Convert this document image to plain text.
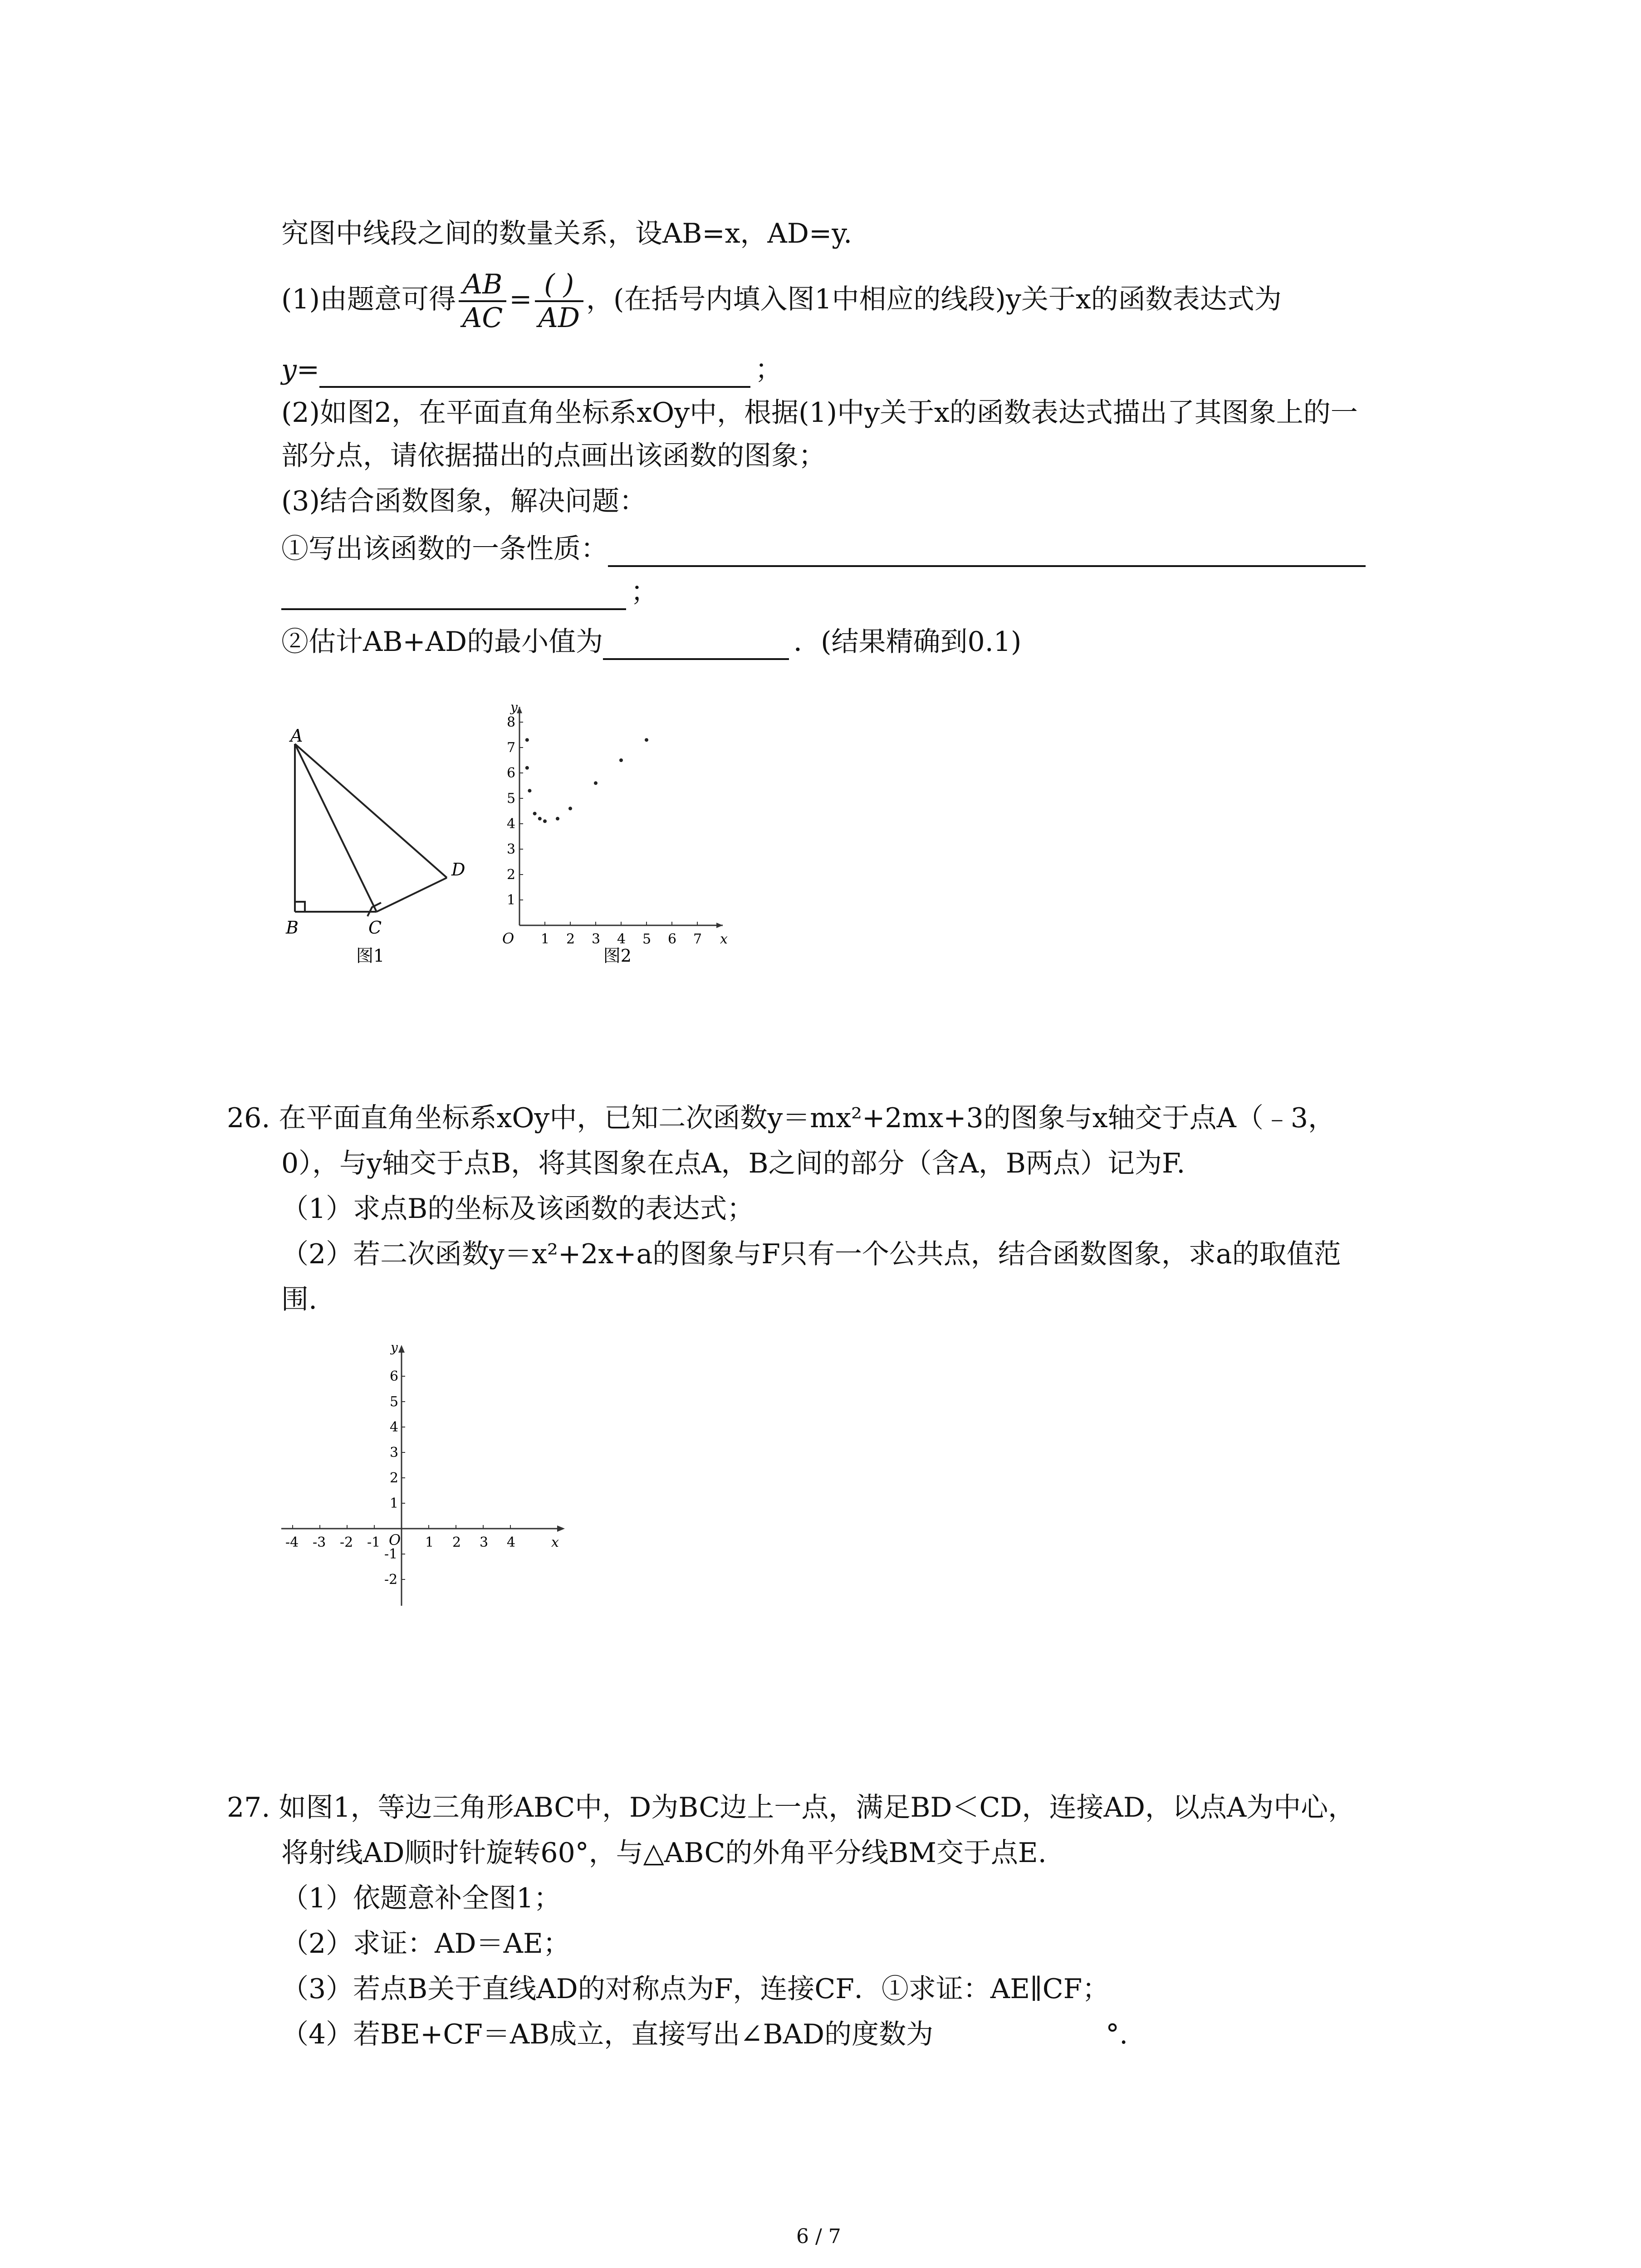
究图中线段之间的数量关系，设AB=x，AD=y.
(1)由题意可得 $\frac{AB}{AC} = \frac{( )}{AD}$ ，(在括号内填入图1中相应的线段)y关于x的函数表达式为
y=	；
(2)如图2，在平面直角坐标系xOy中，根据(1)中y关于x的函数表达式描出了其图象上的一
部分点，请依据描出的点画出该函数的图象；
(3)结合函数图象，解决问题：
①写出该函数的一条性质：
；
②估计AB+AD的最小值为	．(结果精确到0.1)
A
B	C
D
图1
1 2 3 4 5 6 7
1
2
3
4
5
6
7
8
O	x
y
图2
26. 在平面直角坐标系xOy中，已知二次函数y＝mx²+2mx+3的图象与x轴交于点A（﹣3，
0），与y轴交于点B，将其图象在点A，B之间的部分（含A，B两点）记为F.
（1）求点B的坐标及该函数的表达式；
（2）若二次函数y＝x²+2x+a的图象与F只有一个公共点，结合函数图象，求a的取值范
围.
-4 -3 -2 -1	1 2 3 4
6
5
4
3
2
1
-1
-2
O	x
y
27. 如图1，等边三角形ABC中，D为BC边上一点，满足BD＜CD，连接AD，以点A为中心，
将射线AD顺时针旋转60°，与△ABC的外角平分线BM交于点E.
（1）依题意补全图1；
（2）求证：AD＝AE；
（3）若点B关于直线AD的对称点为F，连接CF．①求证：AE∥CF；
（4）若BE+CF＝AB成立，直接写出∠BAD的度数为	°.
6 / 7
